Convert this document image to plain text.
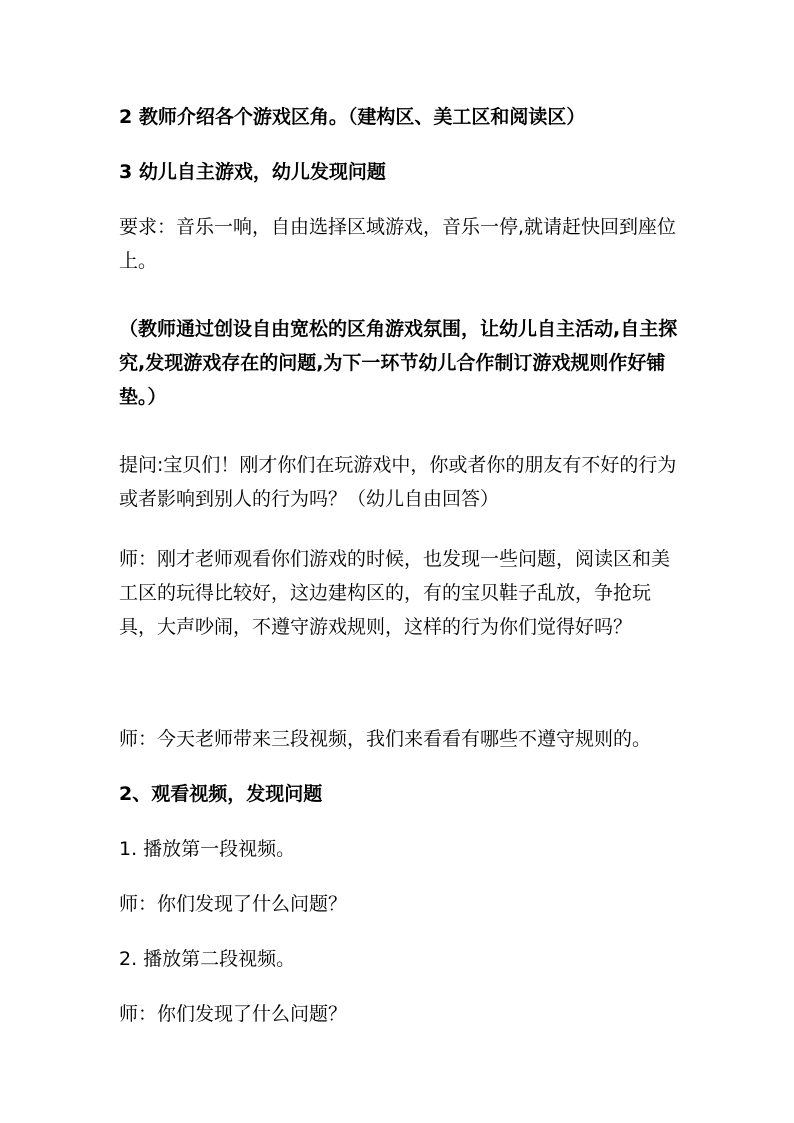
2 教师介绍各个游戏区角。（建构区、美工区和阅读区）

3 幼儿自主游戏，幼儿发现问题

要求：音乐一响，自由选择区域游戏，音乐一停,就请赶快回到座位上。

（教师通过创设自由宽松的区角游戏氛围，让幼儿自主活动,自主探究,发现游戏存在的问题,为下一环节幼儿合作制订游戏规则作好铺垫。）

提问:宝贝们！刚才你们在玩游戏中，你或者你的朋友有不好的行为或者影响到别人的行为吗？（幼儿自由回答）

师：刚才老师观看你们游戏的时候，也发现一些问题，阅读区和美工区的玩得比较好，这边建构区的，有的宝贝鞋子乱放，争抢玩具，大声吵闹，不遵守游戏规则，这样的行为你们觉得好吗？

师：今天老师带来三段视频，我们来看看有哪些不遵守规则的。

2、观看视频，发现问题

1. 播放第一段视频。

师：你们发现了什么问题？

2. 播放第二段视频。

师：你们发现了什么问题？
